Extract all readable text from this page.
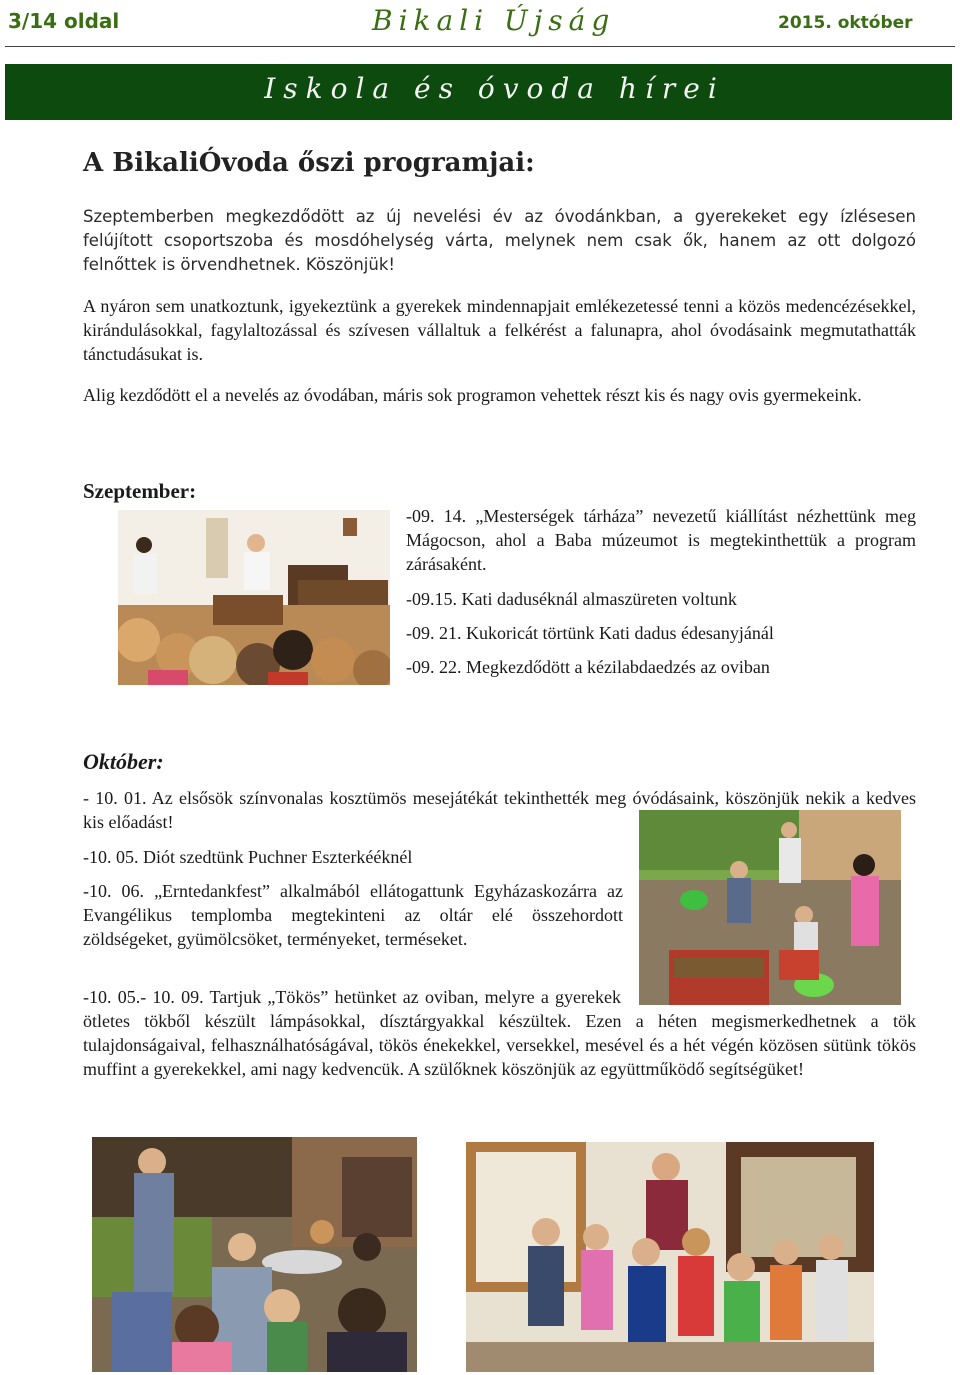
3/14 oldal	Bikali Újság	2015. október
Iskola és óvoda hírei
A BikaliÓvoda őszi programjai:
Szeptemberben megkezdődött az új nevelési év az óvodánkban, a gyerekeket egy ízlésesen felújított csoportszoba és mosdóhelység várta, melynek nem csak ők, hanem az ott dolgozó felnőttek is örvendhetnek. Köszönjük!
A nyáron sem unatkoztunk, igyekeztünk a gyerekek mindennapjait emlékezetessé tenni a közös medencézésekkel, kirándulásokkal, fagylaltozással és szívesen vállaltuk a felkérést a falunapra, ahol óvodásaink megmutathatták tánctudásukat is.
Alig kezdődött el a nevelés az óvodában, máris sok programon vehettek részt kis és nagy ovis gyermekeink.
Szeptember:
-09. 14. „Mesterségek tárháza” nevezetű kiállítást nézhettünk meg Mágocson, ahol a Baba múzeumot is megtekinthettük a program zárásaként.
-09.15. Kati daduséknál almaszüreten voltunk
-09. 21. Kukoricát törtünk Kati dadus édesanyjánál
-09. 22. Megkezdődött a kézilabdaedzés az oviban
Október:
- 10. 01. Az elsősök színvonalas kosztümös mesejátékát tekinthették meg óvódásaink, köszönjük nekik a kedves kis előadást!
-10. 05. Diót szedtünk Puchner Eszterkééknél
-10. 06. „Erntedankfest” alkalmából ellátogattunk Egyházaskozárra az Evangélikus templomba megtekinteni az oltár elé összehordott zöldségeket, gyümölcsöket, terményeket, terméseket.
-10. 05.- 10. 09. Tartjuk „Tökös” hetünket az oviban, melyre a gyerekek ötletes tökből készült lámpásokkal, dísztárgyakkal készültek. Ezen a héten megismerkedhetnek a tök tulajdonságaival, felhasználhatóságával, tökös énekekkel, versekkel, mesével és a hét végén közösen sütünk tökös muffint a gyerekekkel, ami nagy kedvencük. A szülőknek köszönjük az együttműködő segítségüket!
